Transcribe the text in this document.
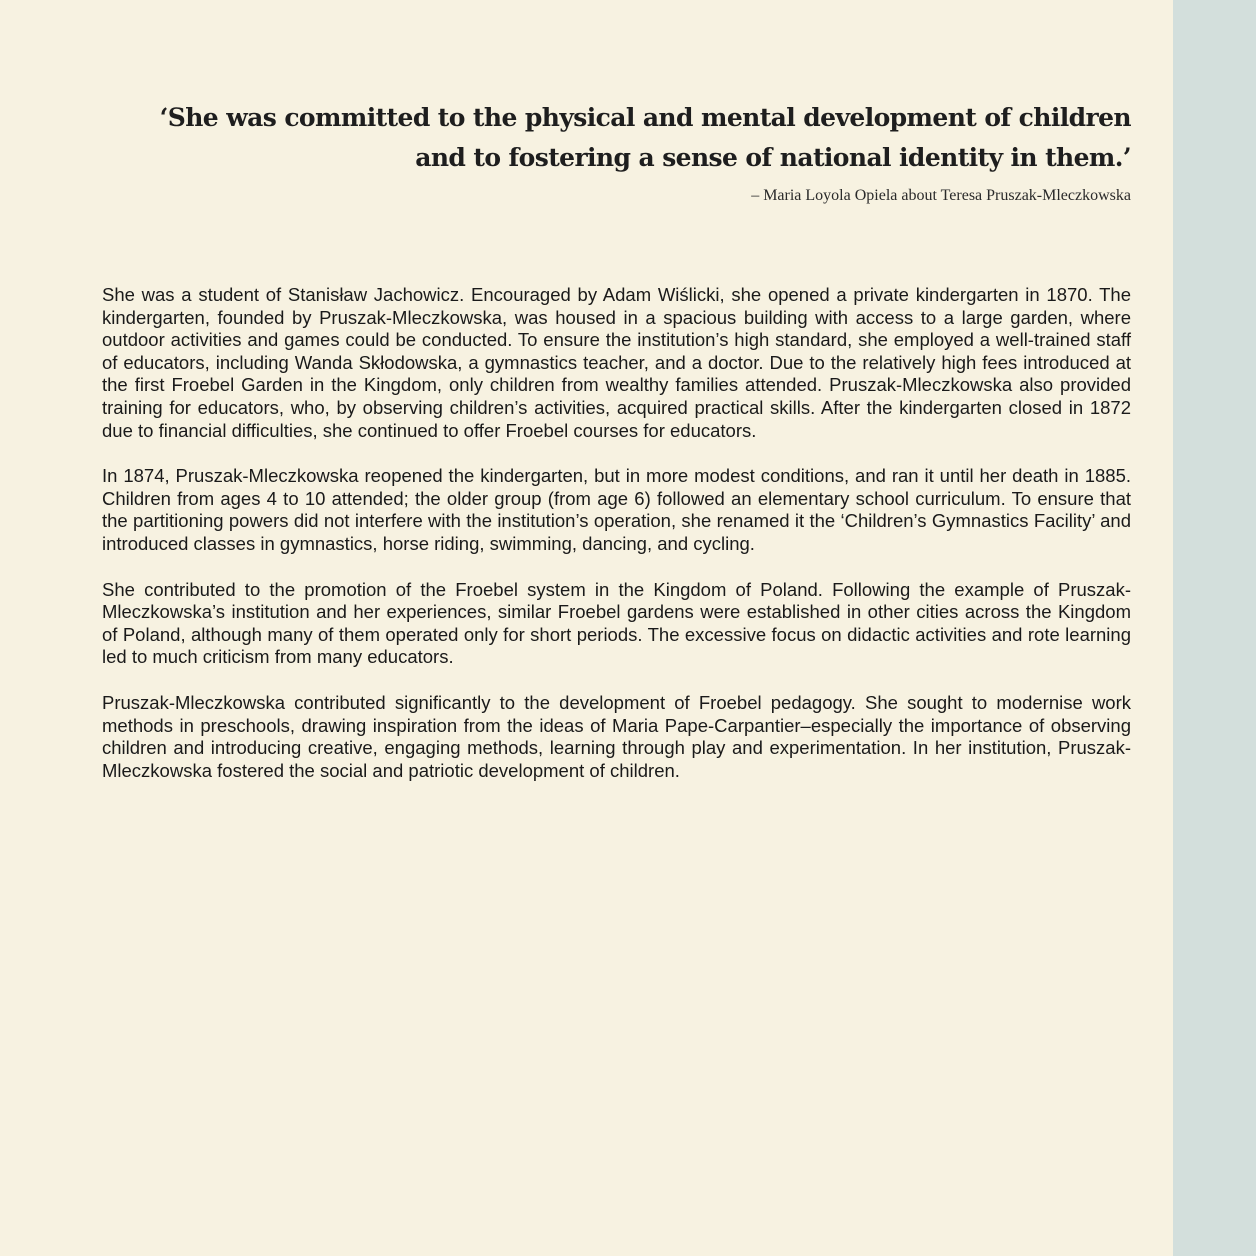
‘She was committed to the physical and mental development of children
and to fostering a sense of national identity in them.’
– Maria Loyola Opiela about Teresa Pruszak-Mleczkowska

She was a student of Stanisław Jachowicz. Encouraged by Adam Wiślicki, she opened a private kindergarten in 1870. The kindergarten, founded by Pruszak-Mleczkowska, was housed in a spacious building with access to a large garden, where outdoor activities and games could be conducted. To ensure the institution’s high standard, she employed a well-trained staff of educators, including Wanda Skłodowska, a gymnastics teacher, and a doctor. Due to the relatively high fees introduced at the first Froebel Garden in the Kingdom, only children from wealthy families attended. Pruszak-Mleczkowska also provided training for educators, who, by observing children’s activities, acquired practical skills. After the kindergarten closed in 1872 due to financial difficulties, she continued to offer Froebel courses for educators.

In 1874, Pruszak-Mleczkowska reopened the kindergarten, but in more modest conditions, and ran it until her death in 1885. Children from ages 4 to 10 attended; the older group (from age 6) followed an elementary school curriculum. To ensure that the partitioning powers did not interfere with the institution’s operation, she renamed it the ‘Children’s Gymnastics Facility’ and introduced classes in gymnastics, horse riding, swimming, dancing, and cycling.

She contributed to the promotion of the Froebel system in the Kingdom of Poland. Following the example of Pruszak-Mleczkowska’s institution and her experiences, similar Froebel gardens were established in other cities across the Kingdom of Poland, although many of them operated only for short periods. The excessive focus on didactic activities and rote learning led to much criticism from many educators.

Pruszak-Mleczkowska contributed significantly to the development of Froebel pedagogy. She sought to modernise work methods in preschools, drawing inspiration from the ideas of Maria Pape-Carpantier–especially the importance of observing children and introducing creative, engaging methods, learning through play and experimentation. In her institution, Pruszak-Mleczkowska fostered the social and patriotic development of children.
